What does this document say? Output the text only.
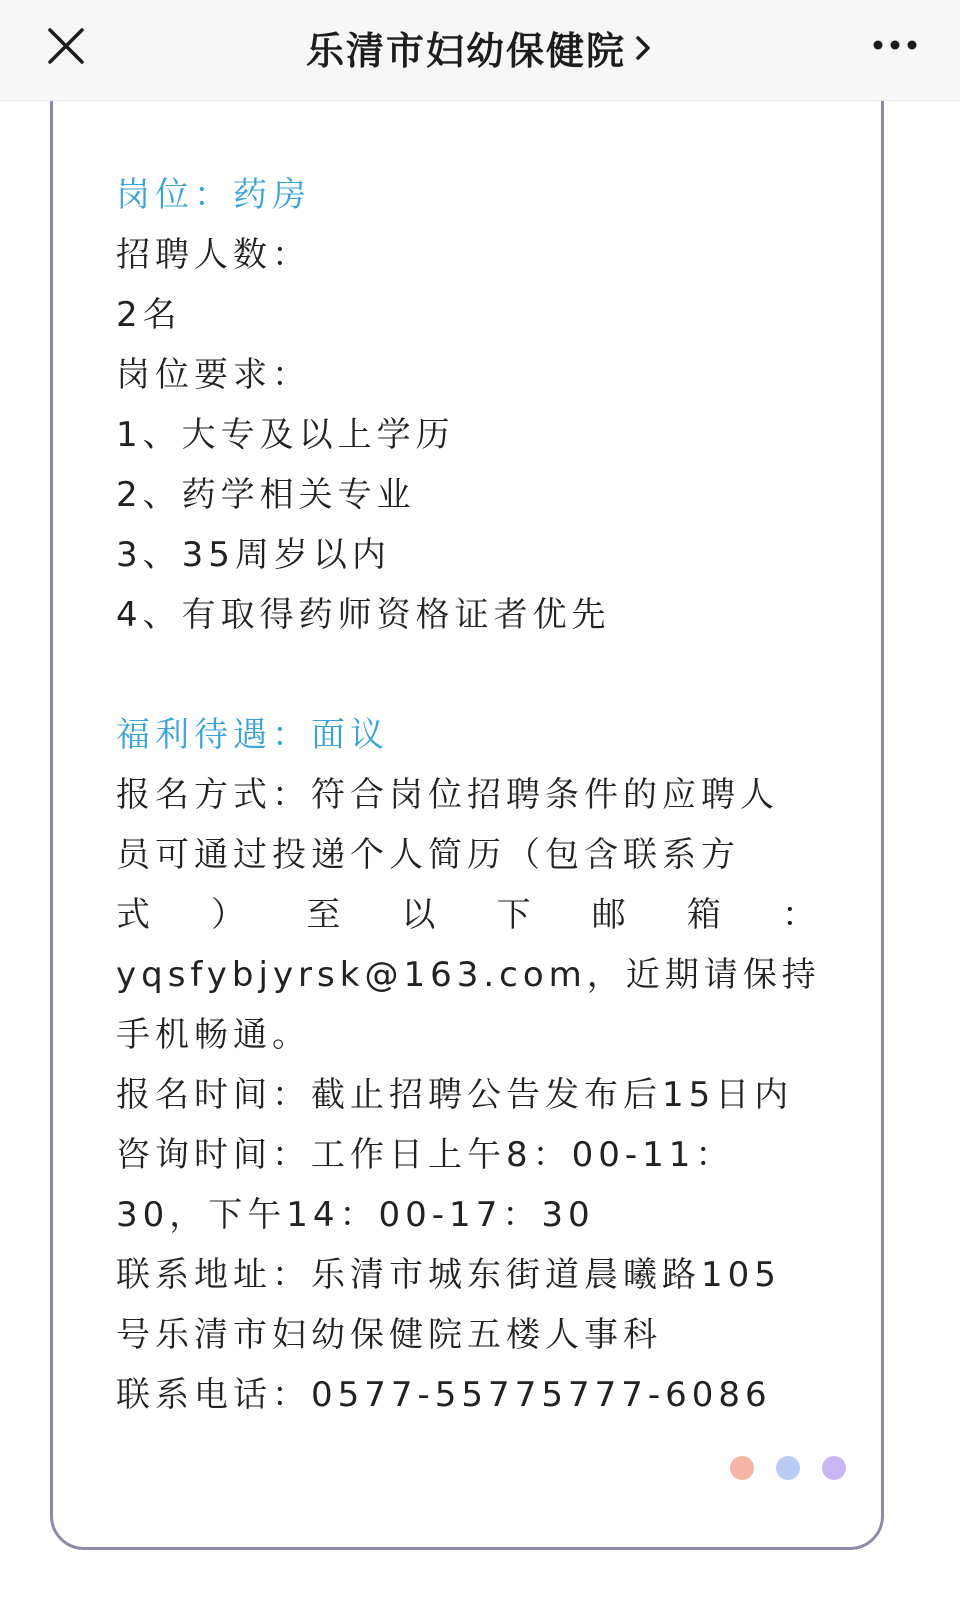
乐清市妇幼保健院
岗位：药房
招聘人数：
2名
岗位要求：
1、大专及以上学历
2、药学相关专业
3、35周岁以内
4、有取得药师资格证者优先
福利待遇：面议
报名方式：符合岗位招聘条件的应聘人
员可通过投递个人简历（包含联系方
式 ） 至 以 下 邮 箱 ：
yqsfybjyrsk@163.com，近期请保持
手机畅通。
报名时间：截止招聘公告发布后15日内
咨询时间：工作日上午8：00-11：
30，下午14：00-17：30
联系地址：乐清市城东街道晨曦路105
号乐清市妇幼保健院五楼人事科
联系电话：0577-55775777-6086
